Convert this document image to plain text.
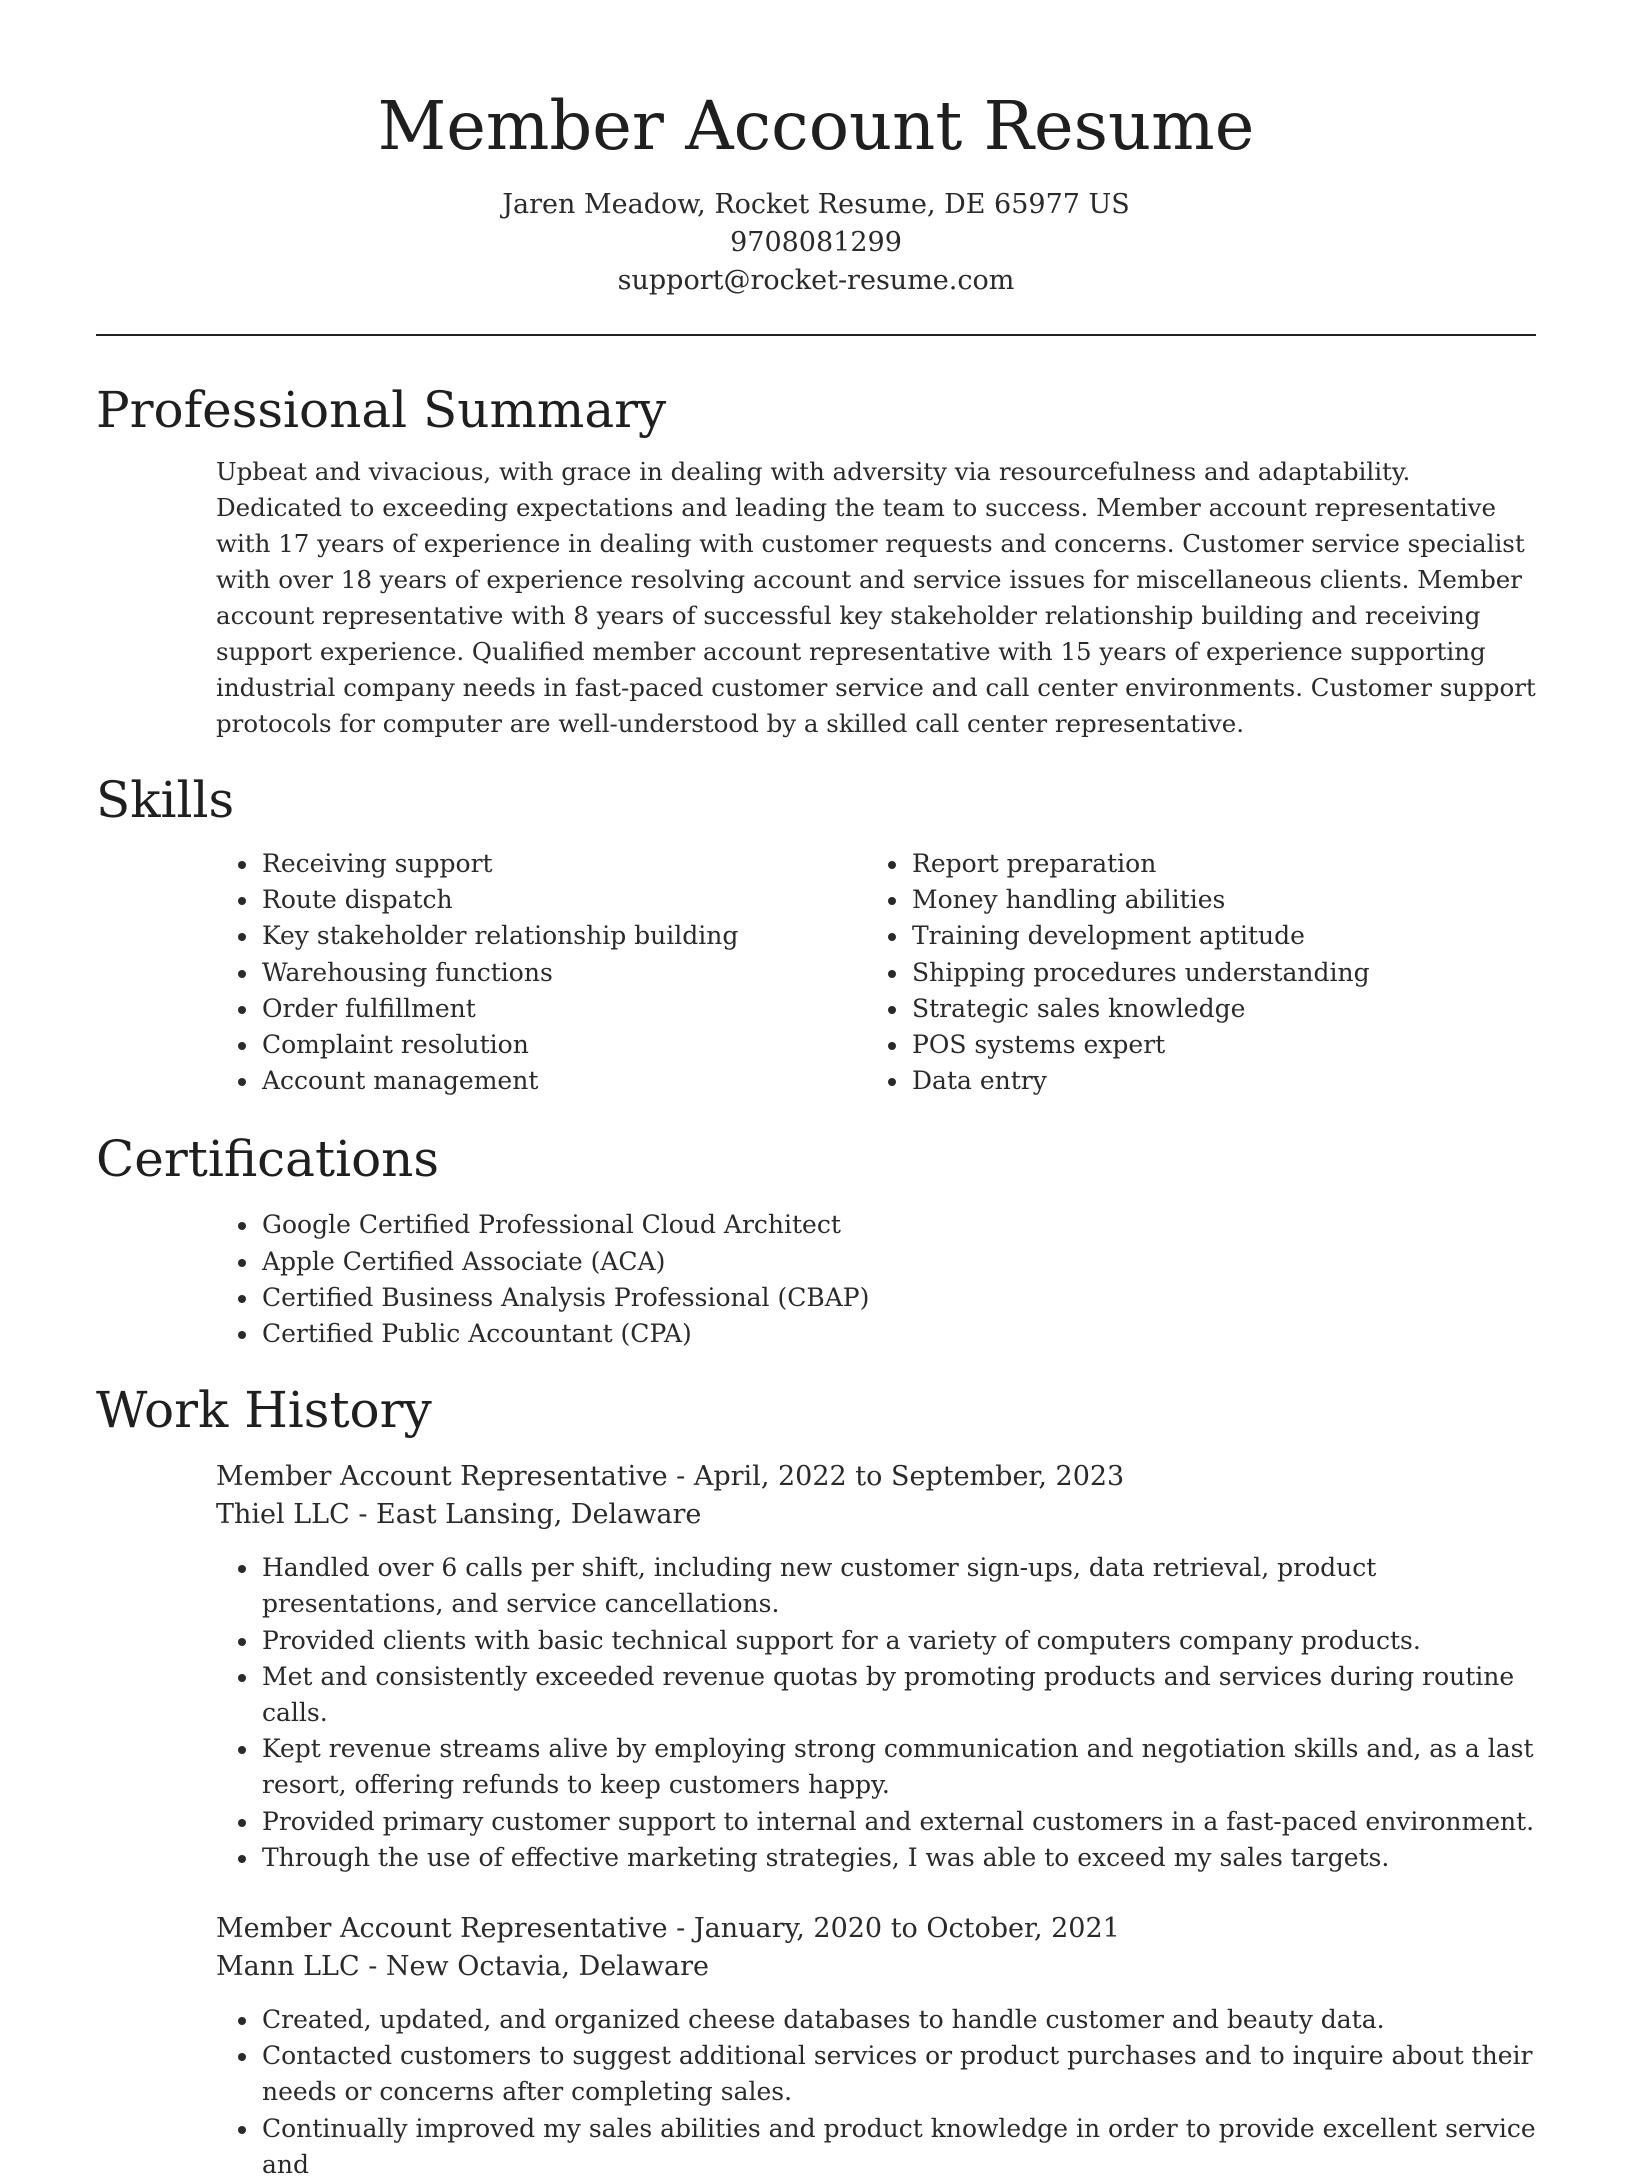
Member Account Resume
Jaren Meadow, Rocket Resume, DE 65977 US
9708081299
support@rocket-resume.com
Professional Summary
Upbeat and vivacious, with grace in dealing with adversity via resourcefulness and adaptability. Dedicated to exceeding expectations and leading the team to success. Member account representative with 17 years of experience in dealing with customer requests and concerns. Customer service specialist with over 18 years of experience resolving account and service issues for miscellaneous clients. Member account representative with 8 years of successful key stakeholder relationship building and receiving support experience. Qualified member account representative with 15 years of experience supporting industrial company needs in fast-paced customer service and call center environments. Customer support protocols for computer are well-understood by a skilled call center representative.
Skills
• Receiving support
• Route dispatch
• Key stakeholder relationship building
• Warehousing functions
• Order fulfillment
• Complaint resolution
• Account management
• Report preparation
• Money handling abilities
• Training development aptitude
• Shipping procedures understanding
• Strategic sales knowledge
• POS systems expert
• Data entry
Certifications
• Google Certified Professional Cloud Architect
• Apple Certified Associate (ACA)
• Certified Business Analysis Professional (CBAP)
• Certified Public Accountant (CPA)
Work History
Member Account Representative - April, 2022 to September, 2023
Thiel LLC - East Lansing, Delaware
• Handled over 6 calls per shift, including new customer sign-ups, data retrieval, product presentations, and service cancellations.
• Provided clients with basic technical support for a variety of computers company products.
• Met and consistently exceeded revenue quotas by promoting products and services during routine calls.
• Kept revenue streams alive by employing strong communication and negotiation skills and, as a last resort, offering refunds to keep customers happy.
• Provided primary customer support to internal and external customers in a fast-paced environment.
• Through the use of effective marketing strategies, I was able to exceed my sales targets.
Member Account Representative - January, 2020 to October, 2021
Mann LLC - New Octavia, Delaware
• Created, updated, and organized cheese databases to handle customer and beauty data.
• Contacted customers to suggest additional services or product purchases and to inquire about their needs or concerns after completing sales.
• Continually improved my sales abilities and product knowledge in order to provide excellent service and
